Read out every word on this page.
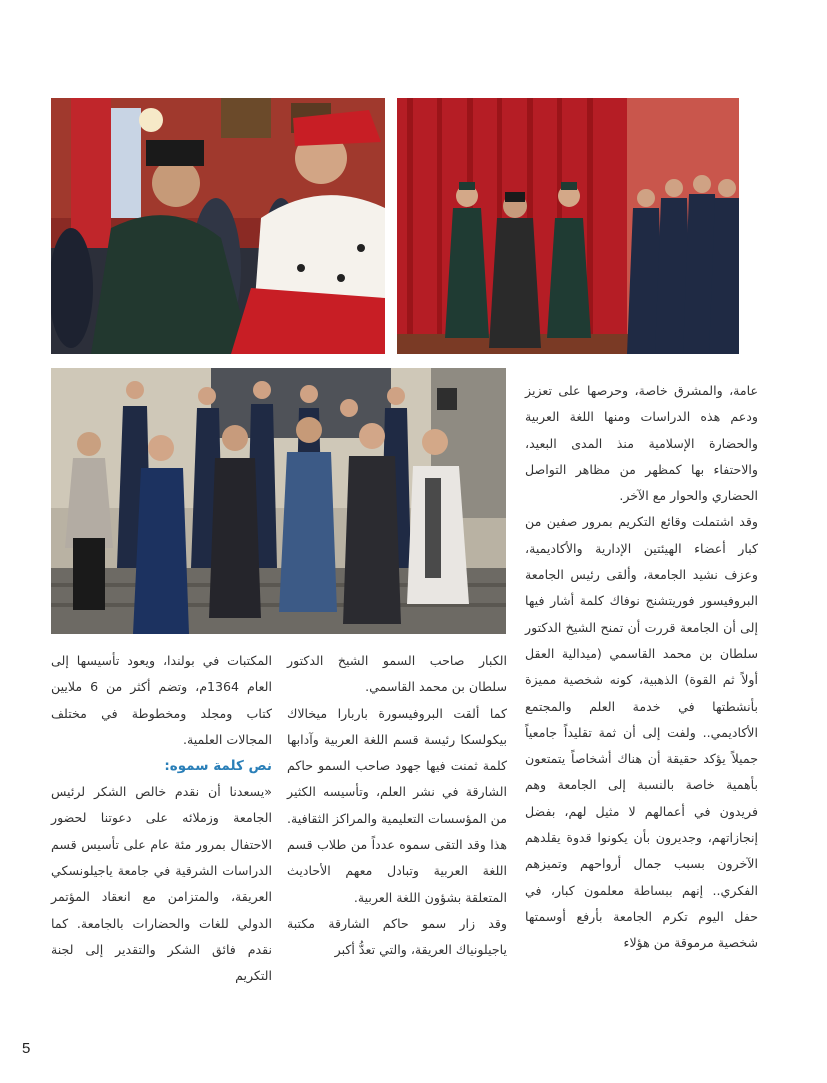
عامة، والمشرق خاصة، وحرصها على تعزيز ودعم هذه الدراسات ومنها اللغة العربية والحضارة الإسلامية منذ المدى البعيد، والاحتفاء بها كمظهر من مظاهر التواصل الحضاري والحوار مع الآخر.

وقد اشتملت وقائع التكريم بمرور صفين من كبار أعضاء الهيئتين الإدارية والأكاديمية، وعزف نشيد الجامعة، وألقى رئيس الجامعة البروفيسور فوريتشنج نوفاك كلمة أشار فيها إلى أن الجامعة قررت أن تمنح الشيخ الدكتور سلطان بن محمد القاسمي (ميدالية العقل أولاً ثم القوة) الذهبية، كونه شخصية مميزة بأنشطتها في خدمة العلم والمجتمع الأكاديمي.. ولفت إلى أن ثمة تقليداً جامعياً جميلاً يؤكد حقيقة أن هناك أشخاصاً يتمتعون بأهمية خاصة بالنسبة إلى الجامعة وهم فريدون في أعمالهم لا مثيل لهم، بفضل إنجازاتهم، وجديرون بأن يكونوا قدوة يقلدهم الآخرون بسبب جمال أرواحهم وتميزهم الفكري.. إنهم ببساطة معلمون كبار، في حفل اليوم تكرم الجامعة بأرفع أوسمتها شخصية مرموقة من هؤلاء

الكبار صاحب السمو الشيخ الدكتور سلطان بن محمد القاسمي.

كما ألقت البروفيسورة باربارا ميخالاك بيكولسكا رئيسة قسم اللغة العربية وآدابها كلمة ثمنت فيها جهود صاحب السمو حاكم الشارقة في نشر العلم، وتأسيسه الكثير من المؤسسات التعليمية والمراكز الثقافية.

هذا وقد التقى سموه عدداً من طلاب قسم اللغة العربية وتبادل معهم الأحاديث المتعلقة بشؤون اللغة العربية.

وقد زار سمو حاكم الشارقة مكتبة ياجيلونياك العريقة، والتي تعدُّ أكبر

المكتبات في بولندا، ويعود تأسيسها إلى العام 1364م، وتضم أكثر من 6 ملايين كتاب ومجلد ومخطوطة في مختلف المجالات العلمية.

نص كلمة سموه:

«يسعدنا أن نقدم خالص الشكر لرئيس الجامعة وزملائه على دعوتنا لحضور الاحتفال بمرور مئة عام على تأسيس قسم الدراسات الشرقية في جامعة ياجيلونسكي العريقة، والمتزامن مع انعقاد المؤتمر الدولي للغات والحضارات بالجامعة. كما نقدم فائق الشكر والتقدير إلى لجنة التكريم

5
